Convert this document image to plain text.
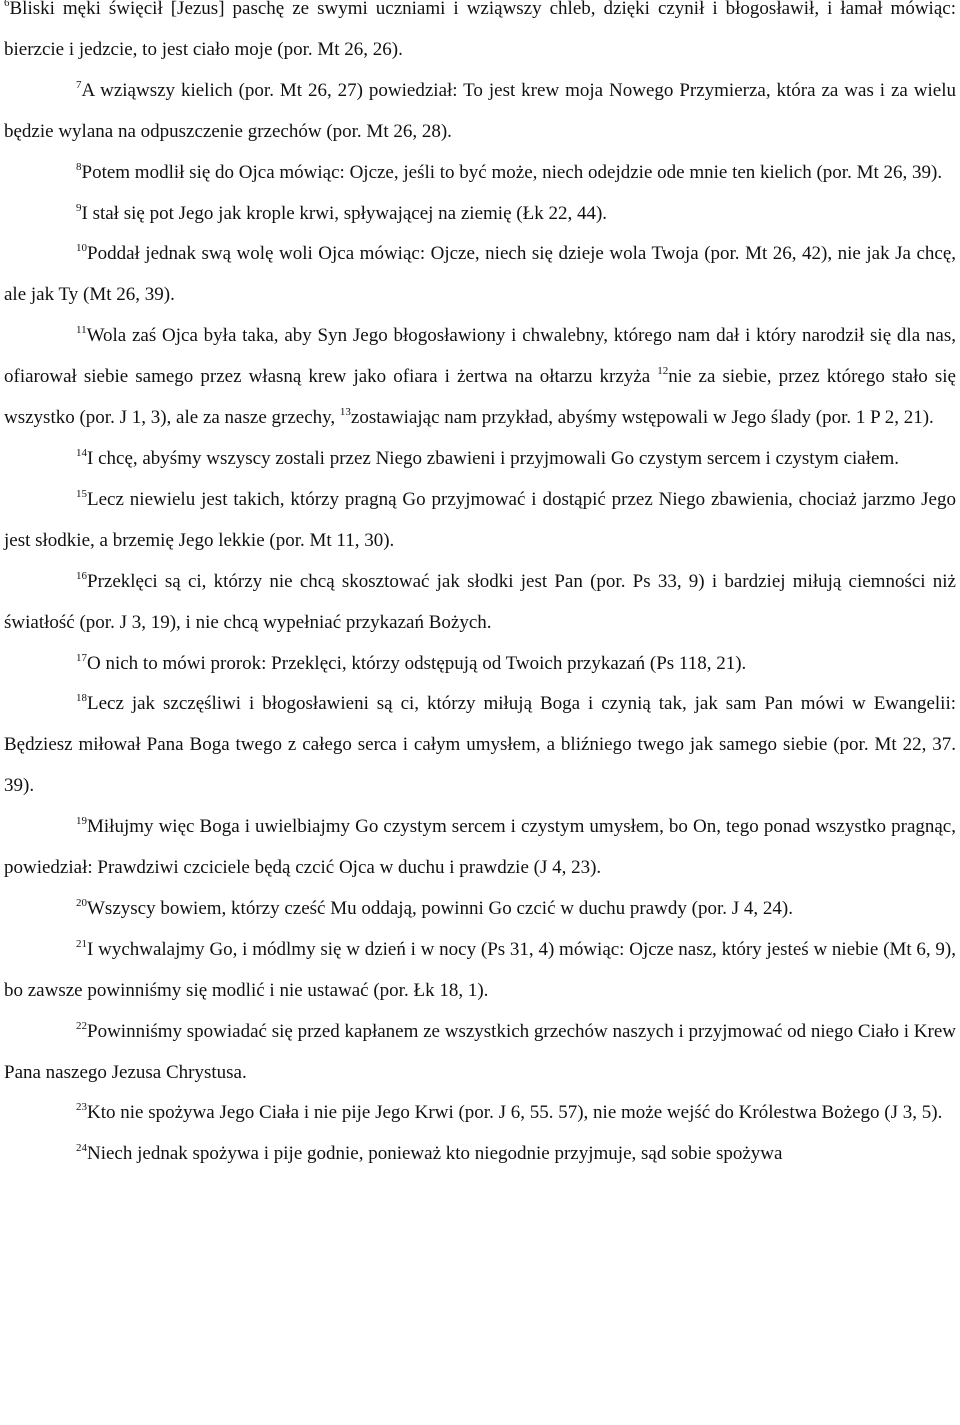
$^6$Bliski męki święcił [Jezus] paschę ze swymi uczniami i wziąwszy chleb, dzięki czynił i błogosławił, i łamał mówiąc: bierzcie i jedzcie, to jest ciało moje (por. Mt 26, 26).

$^7$A wziąwszy kielich (por. Mt 26, 27) powiedział: To jest krew moja Nowego Przymierza, która za was i za wielu będzie wylana na odpuszczenie grzechów (por. Mt 26, 28).

$^8$Potem modlił się do Ojca mówiąc: Ojcze, jeśli to być może, niech odejdzie ode mnie ten kielich (por. Mt 26, 39).

$^9$I stał się pot Jego jak krople krwi, spływającej na ziemię (Łk 22, 44).

$^{10}$Poddał jednak swą wolę woli Ojca mówiąc: Ojcze, niech się dzieje wola Twoja (por. Mt 26, 42), nie jak Ja chcę, ale jak Ty (Mt 26, 39).

$^{11}$Wola zaś Ojca była taka, aby Syn Jego błogosławiony i chwalebny, którego nam dał i który narodził się dla nas, ofiarował siebie samego przez własną krew jako ofiara i żertwa na ołtarzu krzyża $^{12}$nie za siebie, przez którego stało się wszystko (por. J 1, 3), ale za nasze grzechy, $^{13}$zostawiając nam przykład, abyśmy wstępowali w Jego ślady (por. 1 P 2, 21).

$^{14}$I chcę, abyśmy wszyscy zostali przez Niego zbawieni i przyjmowali Go czystym sercem i czystym ciałem.

$^{15}$Lecz niewielu jest takich, którzy pragną Go przyjmować i dostąpić przez Niego zbawienia, chociaż jarzmo Jego jest słodkie, a brzemię Jego lekkie (por. Mt 11, 30).

$^{16}$Przeklęci są ci, którzy nie chcą skosztować jak słodki jest Pan (por. Ps 33, 9) i bardziej miłują ciemności niż światłość (por. J 3, 19), i nie chcą wypełniać przykazań Bożych.

$^{17}$O nich to mówi prorok: Przeklęci, którzy odstępują od Twoich przykazań (Ps 118, 21).

$^{18}$Lecz jak szczęśliwi i błogosławieni są ci, którzy miłują Boga i czynią tak, jak sam Pan mówi w Ewangelii: Będziesz miłował Pana Boga twego z całego serca i całym umysłem, a bliźniego twego jak samego siebie (por. Mt 22, 37. 39).

$^{19}$Miłujmy więc Boga i uwielbiajmy Go czystym sercem i czystym umysłem, bo On, tego ponad wszystko pragnąc, powiedział: Prawdziwi czciciele będą czcić Ojca w duchu i prawdzie (J 4, 23).

$^{20}$Wszyscy bowiem, którzy cześć Mu oddają, powinni Go czcić w duchu prawdy (por. J 4, 24).

$^{21}$I wychwalajmy Go, i módlmy się w dzień i w nocy (Ps 31, 4) mówiąc: Ojcze nasz, który jesteś w niebie (Mt 6, 9), bo zawsze powinniśmy się modlić i nie ustawać (por. Łk 18, 1).

$^{22}$Powinniśmy spowiadać się przed kapłanem ze wszystkich grzechów naszych i przyjmować od niego Ciało i Krew Pana naszego Jezusa Chrystusa.

$^{23}$Kto nie spożywa Jego Ciała i nie pije Jego Krwi (por. J 6, 55. 57), nie może wejść do Królestwa Bożego (J 3, 5).

$^{24}$Niech jednak spożywa i pije godnie, ponieważ kto niegodnie przyjmuje, sąd sobie spożywa
